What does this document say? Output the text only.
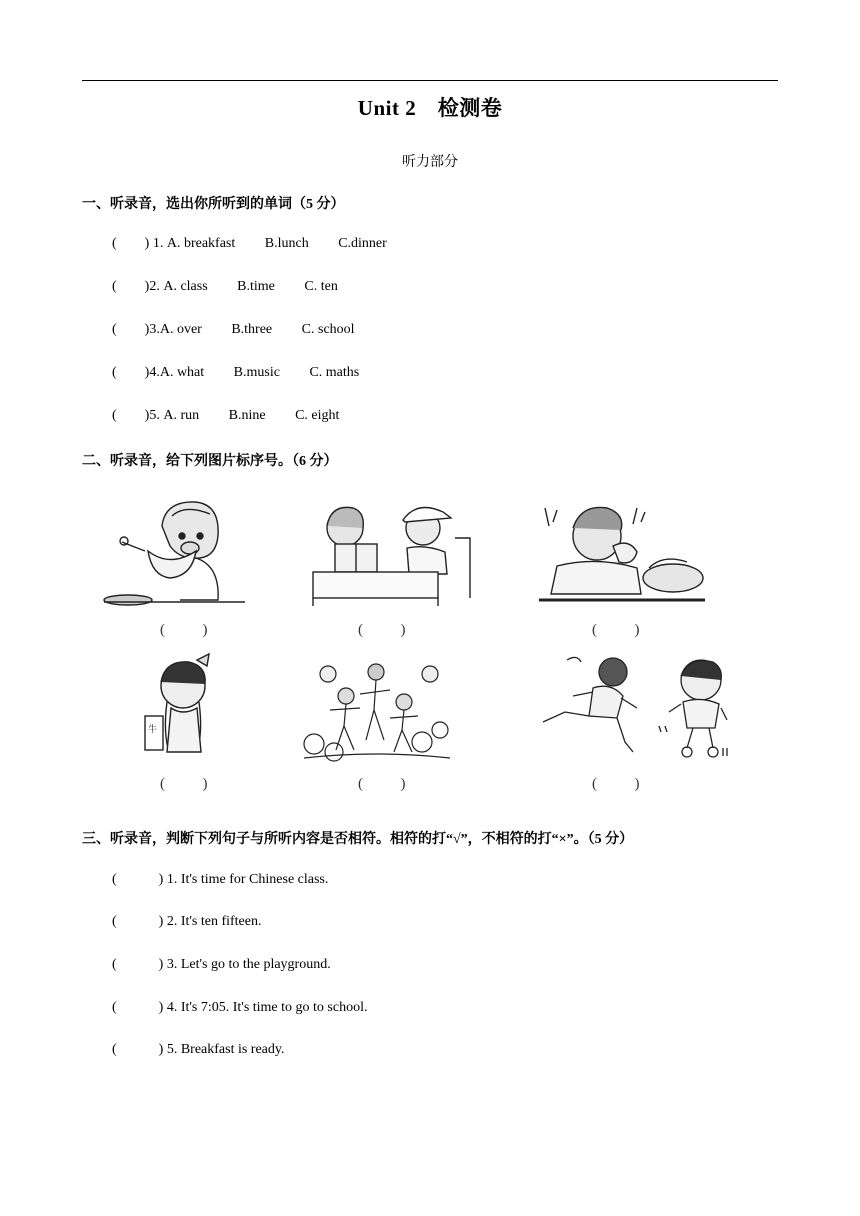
Unit 2　检测卷
听力部分
一、听录音，选出你所听到的单词（5 分）
(        ) 1. A. breakfast B.lunch C.dinner
(        )2. A. class B.time C. ten
(        )3.A. over B.three C. school
(        )4.A. what B.music C. maths
(        )5. A. run B.nine C. eight
二、听录音，给下列图片标序号。（6 分）
(          )	(          )	(          )
牛
(          )	(          )	(          )
三、听录音，判断下列句子与所听内容是否相符。相符的打“√”，不相符的打“×”。（5 分）
(            ) 1. It's time for Chinese class.
(            ) 2. It's ten fifteen.
(            ) 3. Let's go to the playground.
(            ) 4. It's 7:05. It's time to go to school.
(            ) 5. Breakfast is ready.
